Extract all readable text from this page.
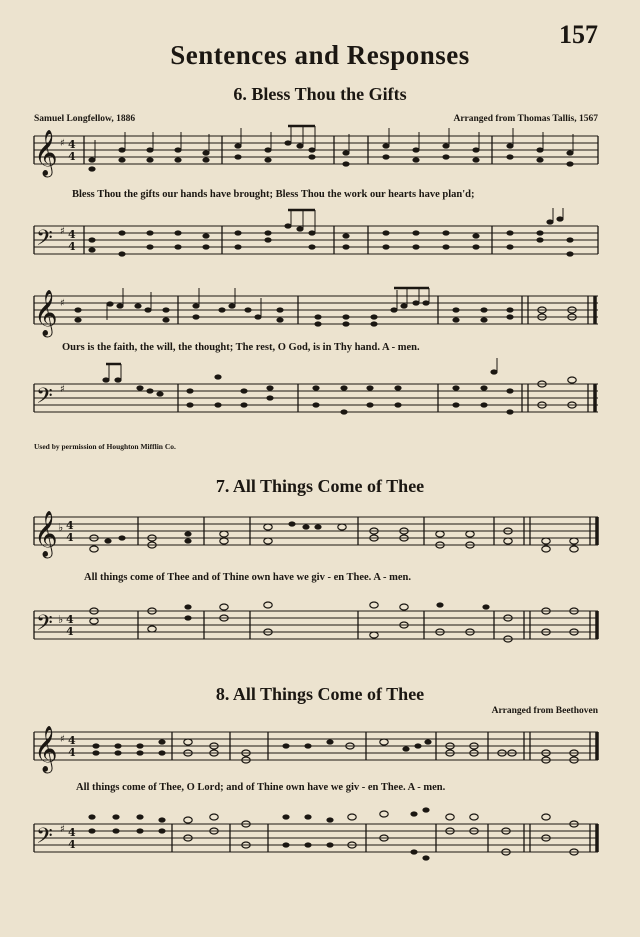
157
Sentences and Responses
6. Bless Thou the Gifts
Samuel Longfellow, 1886	Arranged from Thomas Tallis, 1567
𝄞 ♯ 4
4
𝄢 ♯ 4
4
𝄞 ♯
𝄢 ♯
Bless Thou the gifts our hands have brought; Bless Thou the work our hearts have plan'd;
Ours is the faith, the will, the thought; The rest, O God, is in Thy hand. A - men.
Used by permission of Houghton Mifflin Co.
7. All Things Come of Thee
𝄞 ♭ 4
4
𝄢 ♭ 4
4
All things come of Thee and of Thine own have we giv - en Thee. A - men.
8. All Things Come of Thee
Arranged from Beethoven
𝄞 ♯ 4
4
𝄢 ♯ 4
4
All things come of Thee, O Lord; and of Thine own have we giv - en Thee. A - men.
